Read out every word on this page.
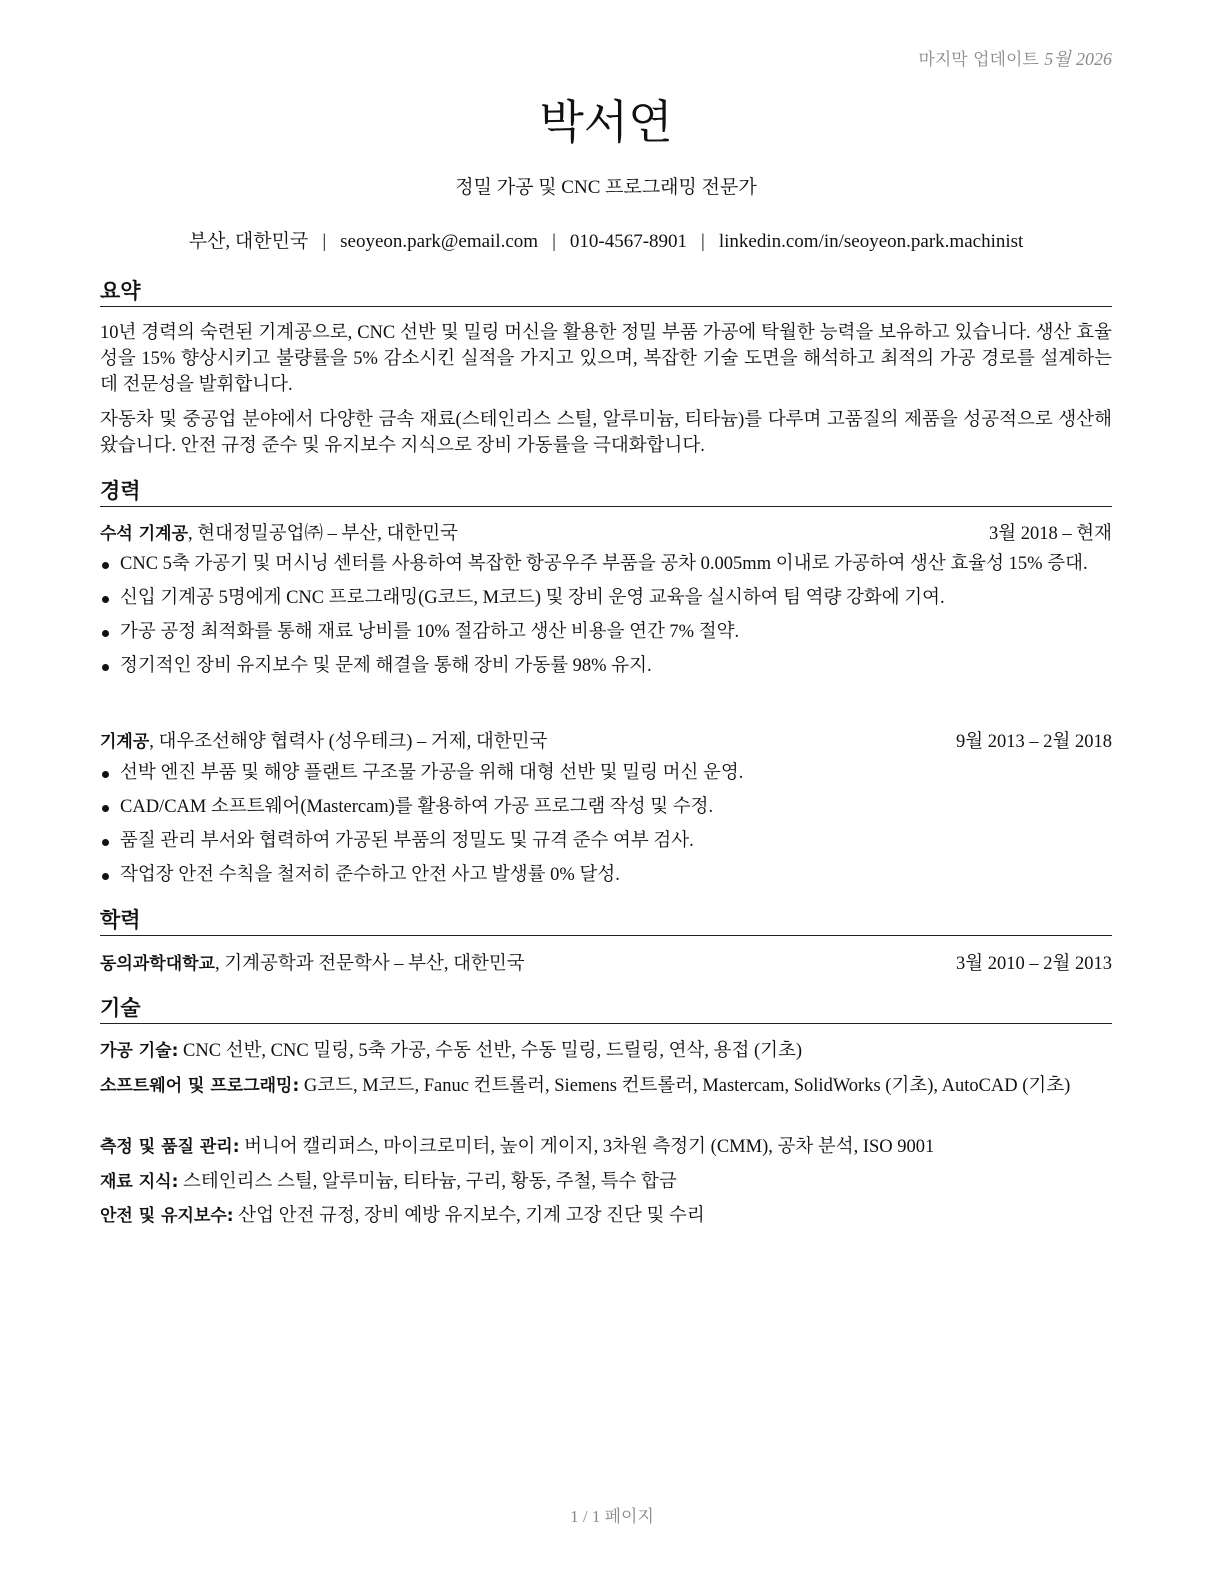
마지막 업데이트 5월 2026
박서연
정밀 가공 및 CNC 프로그래밍 전문가
부산, 대한민국 | seoyeon.park@email.com | 010-4567-8901 | linkedin.com/in/seoyeon.park.machinist
요약
10년 경력의 숙련된 기계공으로, CNC 선반 및 밀링 머신을 활용한 정밀 부품 가공에 탁월한 능력을 보유하고 있습니다. 생산 효율성을 15% 향상시키고 불량률을 5% 감소시킨 실적을 가지고 있으며, 복잡한 기술 도면을 해석하고 최적의 가공 경로를 설계하는 데 전문성을 발휘합니다.
자동차 및 중공업 분야에서 다양한 금속 재료(스테인리스 스틸, 알루미늄, 티타늄)를 다루며 고품질의 제품을 성공적으로 생산해왔습니다. 안전 규정 준수 및 유지보수 지식으로 장비 가동률을 극대화합니다.
경력
수석 기계공, 현대정밀공업㈜ – 부산, 대한민국	3월 2018 – 현재
CNC 5축 가공기 및 머시닝 센터를 사용하여 복잡한 항공우주 부품을 공차 0.005mm 이내로 가공하여 생산 효율성 15% 증대.
신입 기계공 5명에게 CNC 프로그래밍(G코드, M코드) 및 장비 운영 교육을 실시하여 팀 역량 강화에 기여.
가공 공정 최적화를 통해 재료 낭비를 10% 절감하고 생산 비용을 연간 7% 절약.
정기적인 장비 유지보수 및 문제 해결을 통해 장비 가동률 98% 유지.
기계공, 대우조선해양 협력사 (성우테크) – 거제, 대한민국	9월 2013 – 2월 2018
선박 엔진 부품 및 해양 플랜트 구조물 가공을 위해 대형 선반 및 밀링 머신 운영.
CAD/CAM 소프트웨어(Mastercam)를 활용하여 가공 프로그램 작성 및 수정.
품질 관리 부서와 협력하여 가공된 부품의 정밀도 및 규격 준수 여부 검사.
작업장 안전 수칙을 철저히 준수하고 안전 사고 발생률 0% 달성.
학력
동의과학대학교, 기계공학과 전문학사 – 부산, 대한민국	3월 2010 – 2월 2013
기술
가공 기술: CNC 선반, CNC 밀링, 5축 가공, 수동 선반, 수동 밀링, 드릴링, 연삭, 용접 (기초)
소프트웨어 및 프로그래밍: G코드, M코드, Fanuc 컨트롤러, Siemens 컨트롤러, Mastercam, SolidWorks (기초), AutoCAD (기초)
측정 및 품질 관리: 버니어 캘리퍼스, 마이크로미터, 높이 게이지, 3차원 측정기 (CMM), 공차 분석, ISO 9001
재료 지식: 스테인리스 스틸, 알루미늄, 티타늄, 구리, 황동, 주철, 특수 합금
안전 및 유지보수: 산업 안전 규정, 장비 예방 유지보수, 기계 고장 진단 및 수리
1 / 1 페이지
